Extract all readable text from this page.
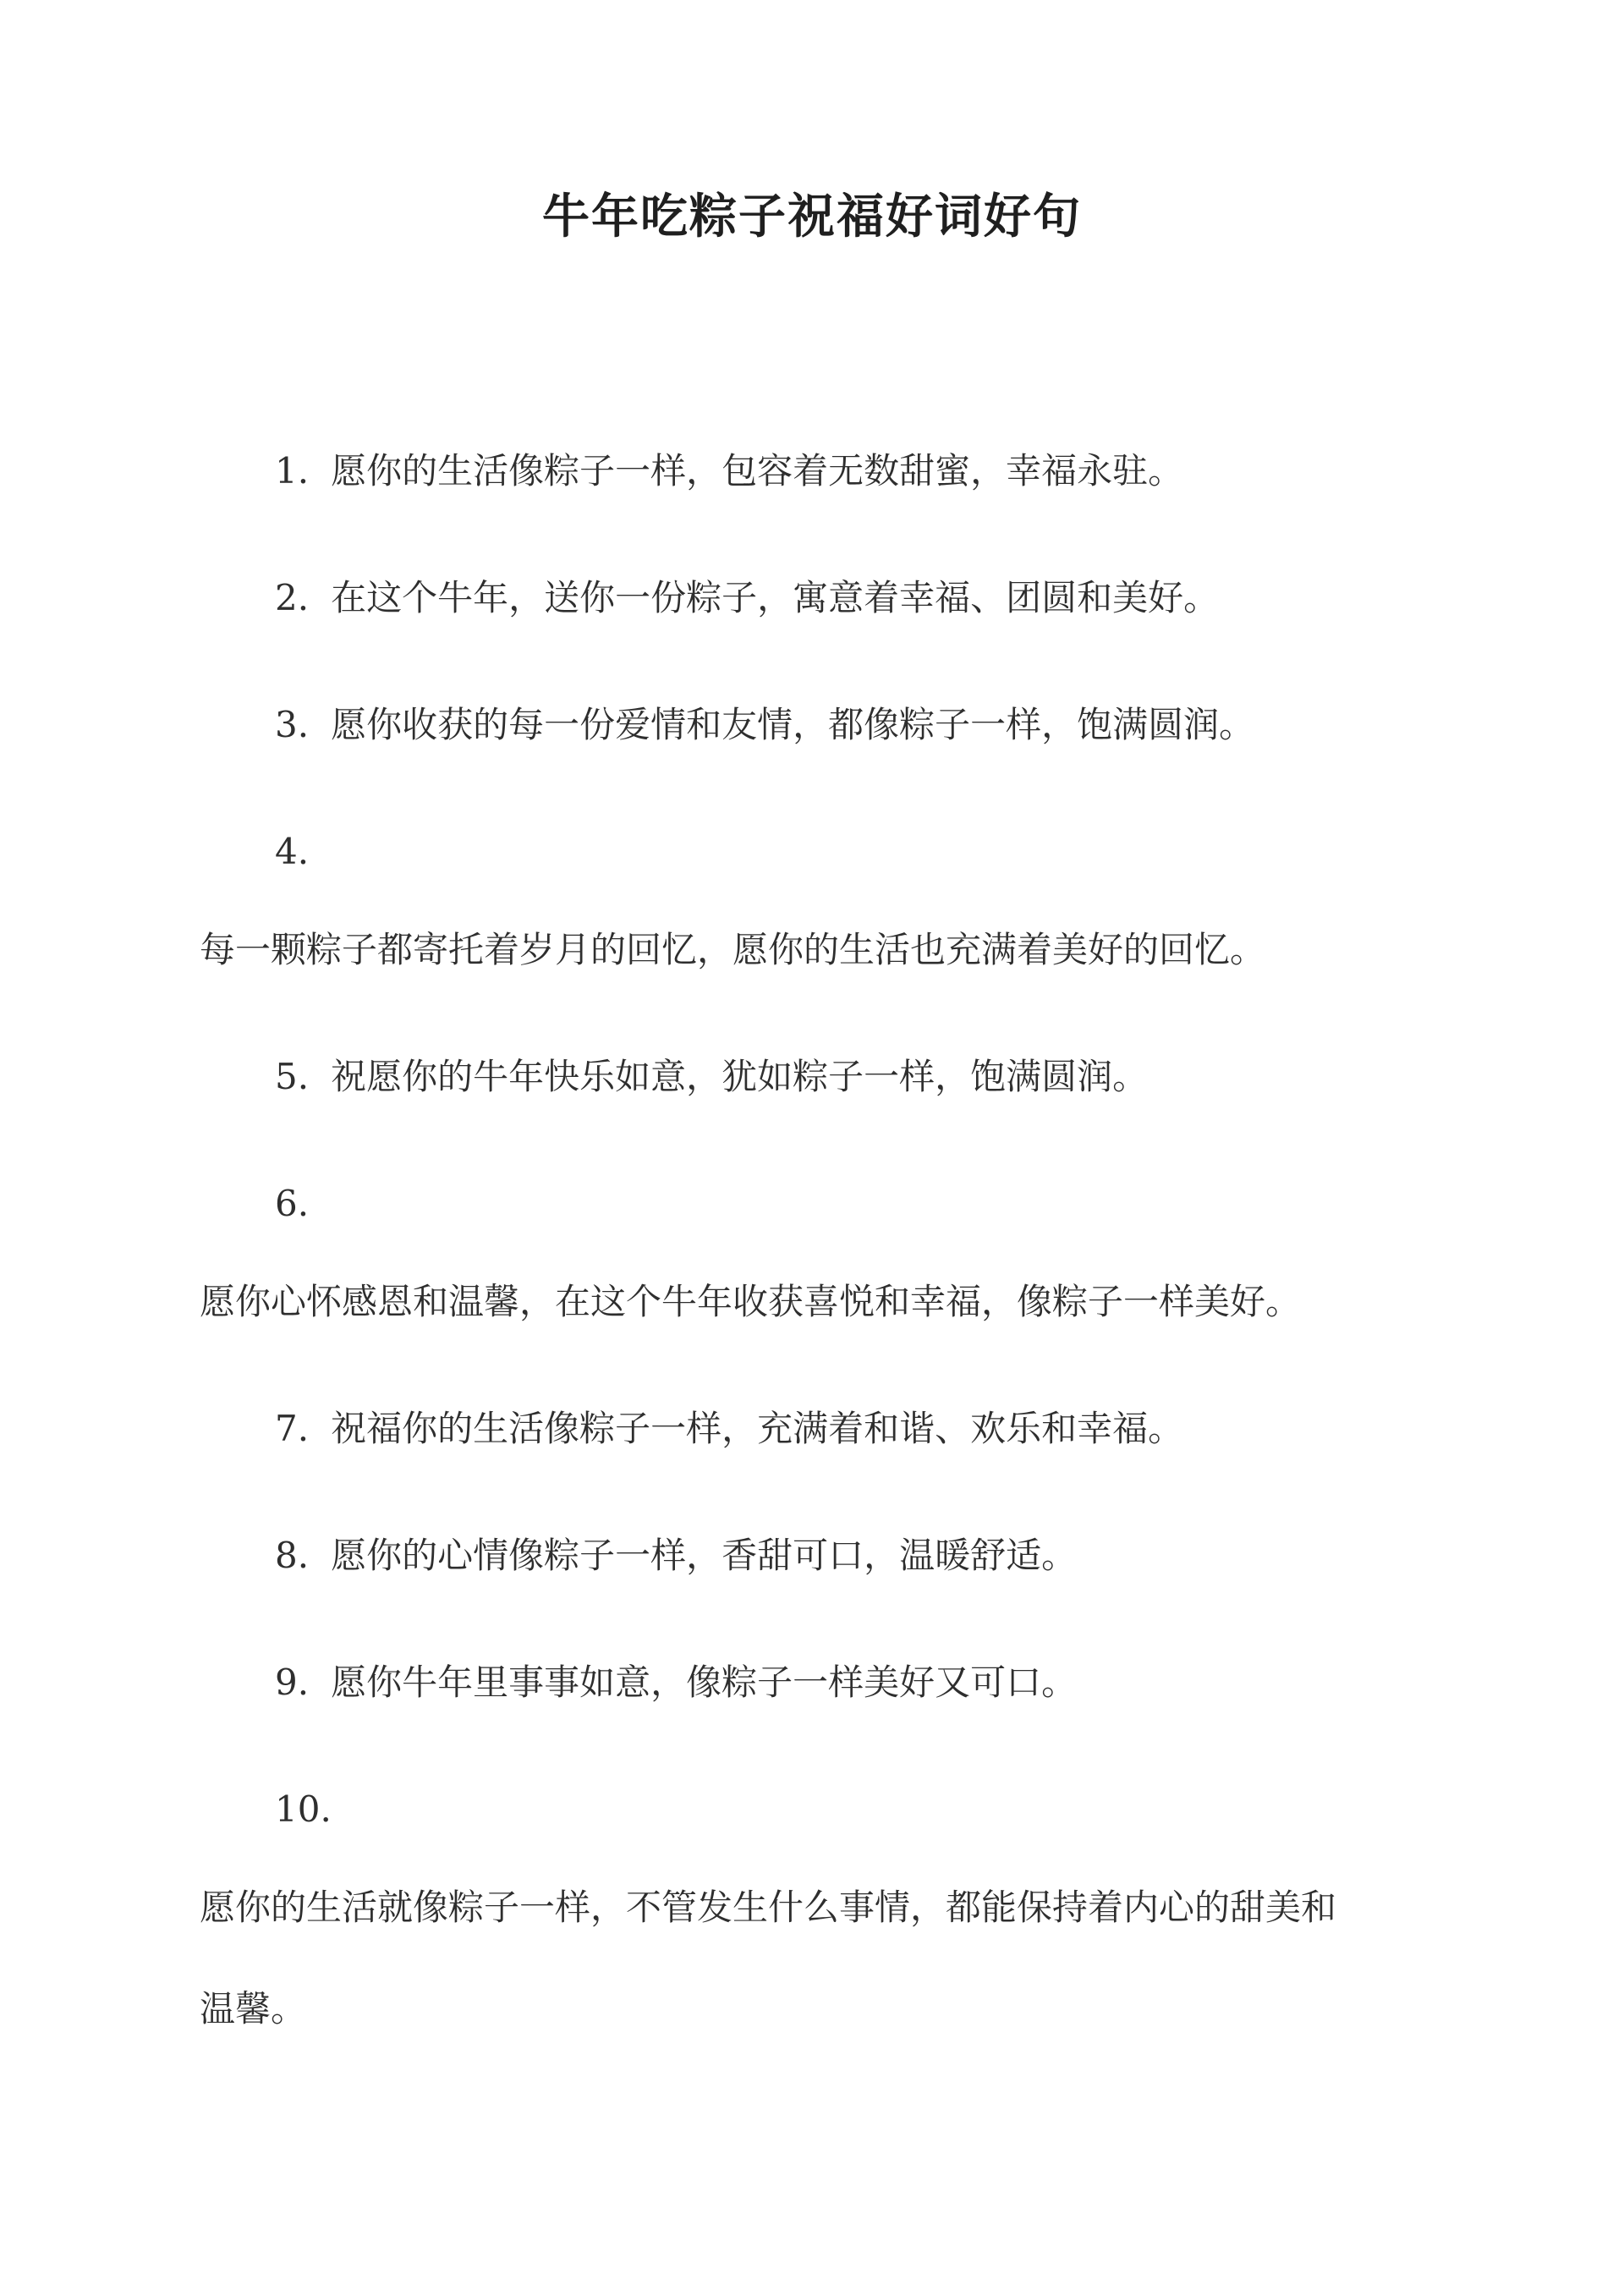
牛年吃粽子祝福好词好句
1. 愿你的生活像粽子一样，包容着无数甜蜜，幸福永驻。
2. 在这个牛年，送你一份粽子，寓意着幸福、团圆和美好。
3. 愿你收获的每一份爱情和友情，都像粽子一样，饱满圆润。
4.
每一颗粽子都寄托着岁月的回忆，愿你的生活也充满着美好的回忆。
5. 祝愿你的牛年快乐如意，犹如粽子一样，饱满圆润。
6.
愿你心怀感恩和温馨，在这个牛年收获喜悦和幸福，像粽子一样美好。
7. 祝福你的生活像粽子一样，充满着和谐、欢乐和幸福。
8. 愿你的心情像粽子一样，香甜可口，温暖舒适。
9. 愿你牛年里事事如意，像粽子一样美好又可口。
10.
愿你的生活就像粽子一样，不管发生什么事情，都能保持着内心的甜美和
温馨。
